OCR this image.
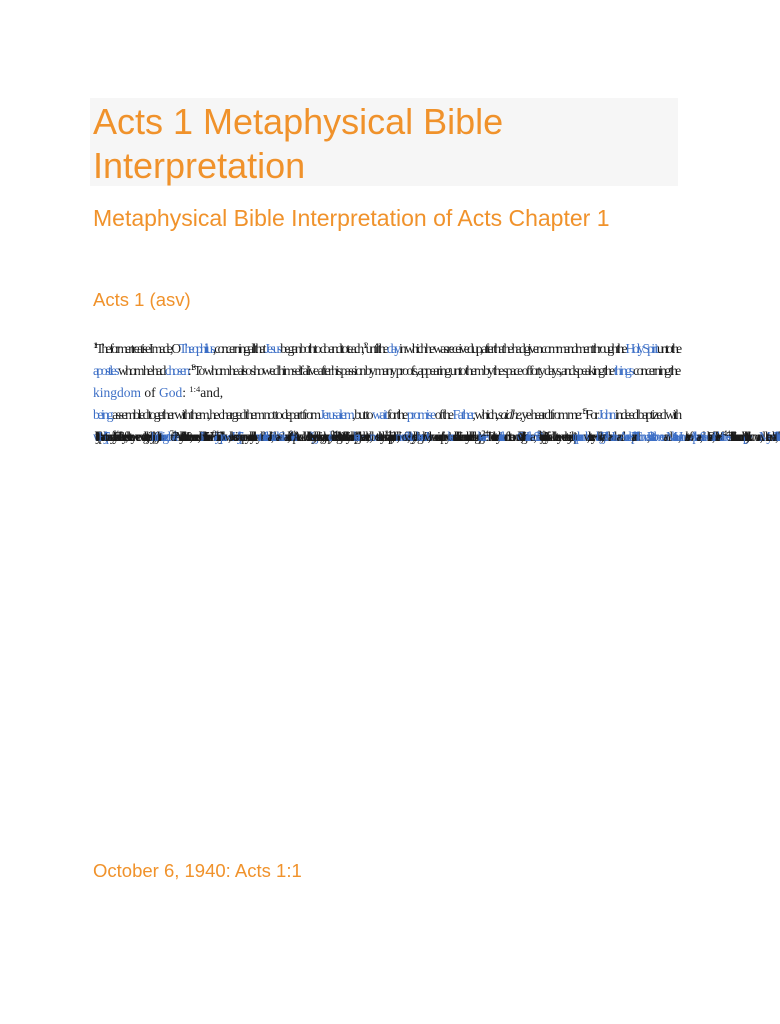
Acts 1 Metaphysical Bible Interpretation
Metaphysical Bible Interpretation of Acts Chapter 1
Acts 1 (asv)
$^{1:1}$The former treatise I made, O Theophilus, concerning all that Jesus began both to do and to teach, $^{1:2}$until the day in which he was received up, after that he had given commandment through the Holy Spirit unto the
apostles whom he had chosen: $^{1:3}$To whom he also showed himself alive after his passion by many proofs, appearing unto them by the space of forty days, and speaking the things concerning the
kingdom of God: $^{1:4}$and,
being assembled together with them, he charged them not to depart from Jerusalem, but to wait for the promise of the Father, which, said he, ye heard from me: $^{1:5}$For John indeed baptized with
water; but ye shall be baptized in the Holy Spirit not many days hence. They therefore, when they were come together, asked him, saying, LordtimekingdomAnd he said unto them, It is not for you to know times or seasons, which the Father hath set within His own authorityBut ye shall receive power, when the Holy Spirit is come upon you: and ye shall be my witnessesJerusalemJudaea and Samaria, and unto the uttermost part of the earthAnd when he had said these things, as they were looking, he was taken up; and a cloud received him out of their sight. And while they were looking stedfastly into heaven as he went, behold, two men stood by them in white apparel; who also said, Ye menGalilee, why stand ye looking into heavenJesus, who was received up from you into heaven shall so come in like manner as ye beheld him going into heavenThen returned they unto Jerusalem from the mount called Olivet, which is nigh unto JerusalemSabbathAnd when they were come in, they went up into the upper chamber, where they were abidingPeter and John and James and AndrewPhilip and ThomasBartholomew and MatthewJames the sonAlphaeusSimon the Zealot, and Judas the sonJamesThese all with one accord continued stedfastly in prayer, with the women, and Mary the mother of Jesus, and with his brethren
October 6, 1940: Acts 1:1
